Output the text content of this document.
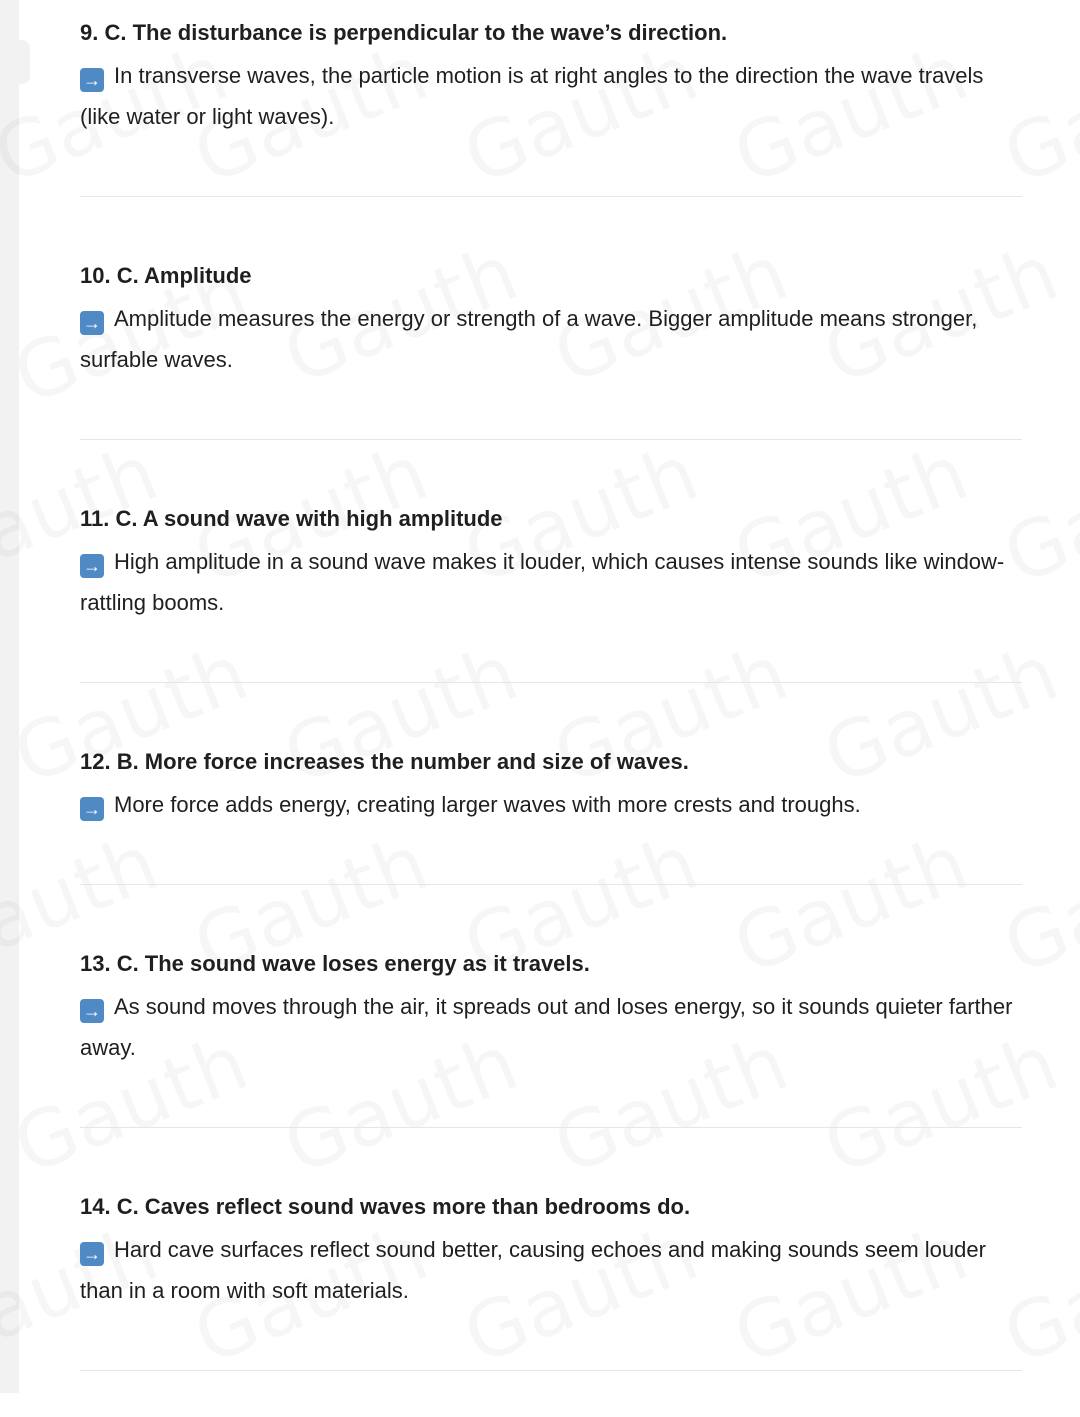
9. C. The disturbance is perpendicular to the wave’s direction.

→ In transverse waves, the particle motion is at right angles to the direction the wave travels (like water or light waves).

10. C. Amplitude

→ Amplitude measures the energy or strength of a wave. Bigger amplitude means stronger, surfable waves.

11. C. A sound wave with high amplitude

→ High amplitude in a sound wave makes it louder, which causes intense sounds like window-rattling booms.

12. B. More force increases the number and size of waves.

→ More force adds energy, creating larger waves with more crests and troughs.

13. C. The sound wave loses energy as it travels.

→ As sound moves through the air, it spreads out and loses energy, so it sounds quieter farther away.

14. C. Caves reflect sound waves more than bedrooms do.

→ Hard cave surfaces reflect sound better, causing echoes and making sounds seem louder than in a room with soft materials.
